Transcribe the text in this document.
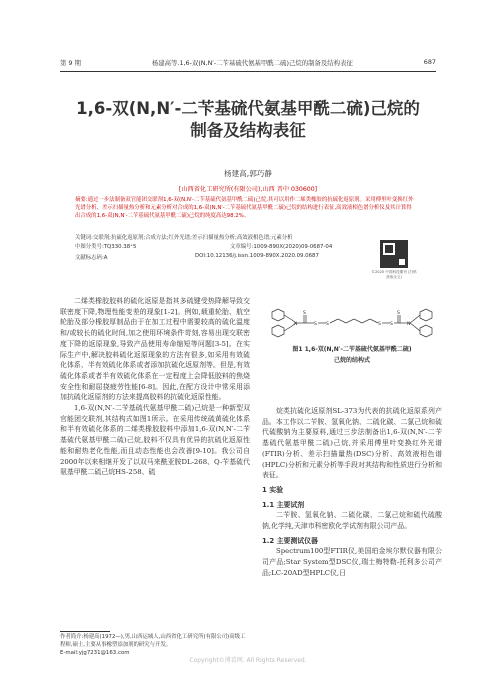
第 9 期	杨建高等.1,6-双(N,N′-二苄基硫代氨基甲酰二硫)己烷的制备及结构表征	687
1,6-双(N,N′-二苄基硫代氨基甲酰二硫)己烷的
制备及结构表征
杨建高,郭巧静
[山西省化工研究所(有限公司),山西 晋中 030600]
摘要:通过一步法制备双官能团交联剂1,6-双(N,N′-二苄基硫代氨基甲酰二硫)己烷,其可以用作二烯类橡胶的抗硫化返原剂。采用傅里叶变换红外光谱分析、差示扫描量热分析和元素分析对合成的1,6-双(N,N′-二苄基硫代氨基甲酰二硫)己烷的结构进行表征,高效液相色谱分析仪及其计算得出合成的1,6-双(N,N′-二苄基硫代氨基甲酰二硫)己烷的纯度高达98.2%。
关键词:交联剂;抗硫化返原剂;合成方法;红外光谱;差示扫描量热分析;高效液相色谱;元素分析
中图分类号:TQ330.38⁺5	文章编号:1009-890X(2020)09-0687-04
文献标志码:A	DOI:10.12136/j.issn.1009-890X.2020.09.0687
©2020 中国科技期刊 (扫码获取全文)

二烯类橡胶胶料的硫化返原是指其多硫键受热降解导致交联密度下降,物理性能变差的现象[1-2]。例如,载重轮胎、航空轮胎及部分橡胶厚制品由于在加工过程中需要较高的硫化温度和/或较长的硫化时间,加之使用环境条件苛刻,容易出现交联密度下降的返原现象,导致产品使用寿命缩短等问题[3-5]。在实际生产中,解决胶料硫化返原现象的方法有很多,如采用有效硫化体系、半有效硫化体系或者添加抗硫化返原剂等。但是,有效硫化体系或者半有效硫化体系在一定程度上会降低胶料的焦烧安全性和耐屈挠疲劳性能[6-8]。因此,在配方设计中常采用添加抗硫化返原剂的方法来提高胶料的抗硫化返原性能。

1,6-双(N,N′-二苄基硫代氨基甲酰二硫)己烷是一种新型双官能团交联剂,其结构式如图1所示。在采用传统硫黄硫化体系和半有效硫化体系的二烯类橡胶胶料中添加1,6-双(N,N′-二苄基硫代氨基甲酰二硫)己烷,胶料不仅具有优异的抗硫化返原性能和耐热老化性能,而且动态性能也会改善[9-10]。我公司自2000年以来相继开发了以双马来酰亚胺DL-268、Q-苄基硫代氨基甲酰二硫己烷HS-258、硫

N
S
S S	S S
S
N
图1 1,6-双(N,N′-二苄基硫代氨基甲酰二硫)
己烷的结构式

烷类抗硫化返原剂SL-373为代表的抗硫化返原系列产品。本工作以二苄胺、氢氧化钠、二硫化碳、二氯己烷和硫代硫酸钠为主要原料,通过三步法制备出1,6-双(N,N′-二苄基硫代氨基甲酰二硫)己烷,并采用傅里叶变换红外光谱(FTIR)分析、差示扫描量热(DSC)分析、高效液相色谱(HPLC)分析和元素分析等手段对其结构和性质进行分析和表征。

1 实验

1.1 主要试剂

二苄胺、氢氧化钠、二硫化碳、二氯己烷和硫代硫酸钠,化学纯,天津市科密欧化学试剂有限公司产品。

1.2 主要测试仪器

Spectrum100型FTIR仪,美国珀金埃尔默仪器有限公司产品;Star System型DSC仪,瑞士梅特勒-托利多公司产品;LC-20AD型HPLC仪,日

作者简介:杨建高(1972—),男,山西运城人,山西省化工研究所(有限公司)高级工程师,硕士,主要从事橡塑添加剂的研究与开发。
E-mail:yjg7231@163.com
Copyright©博看网. All Rights Reserved.
